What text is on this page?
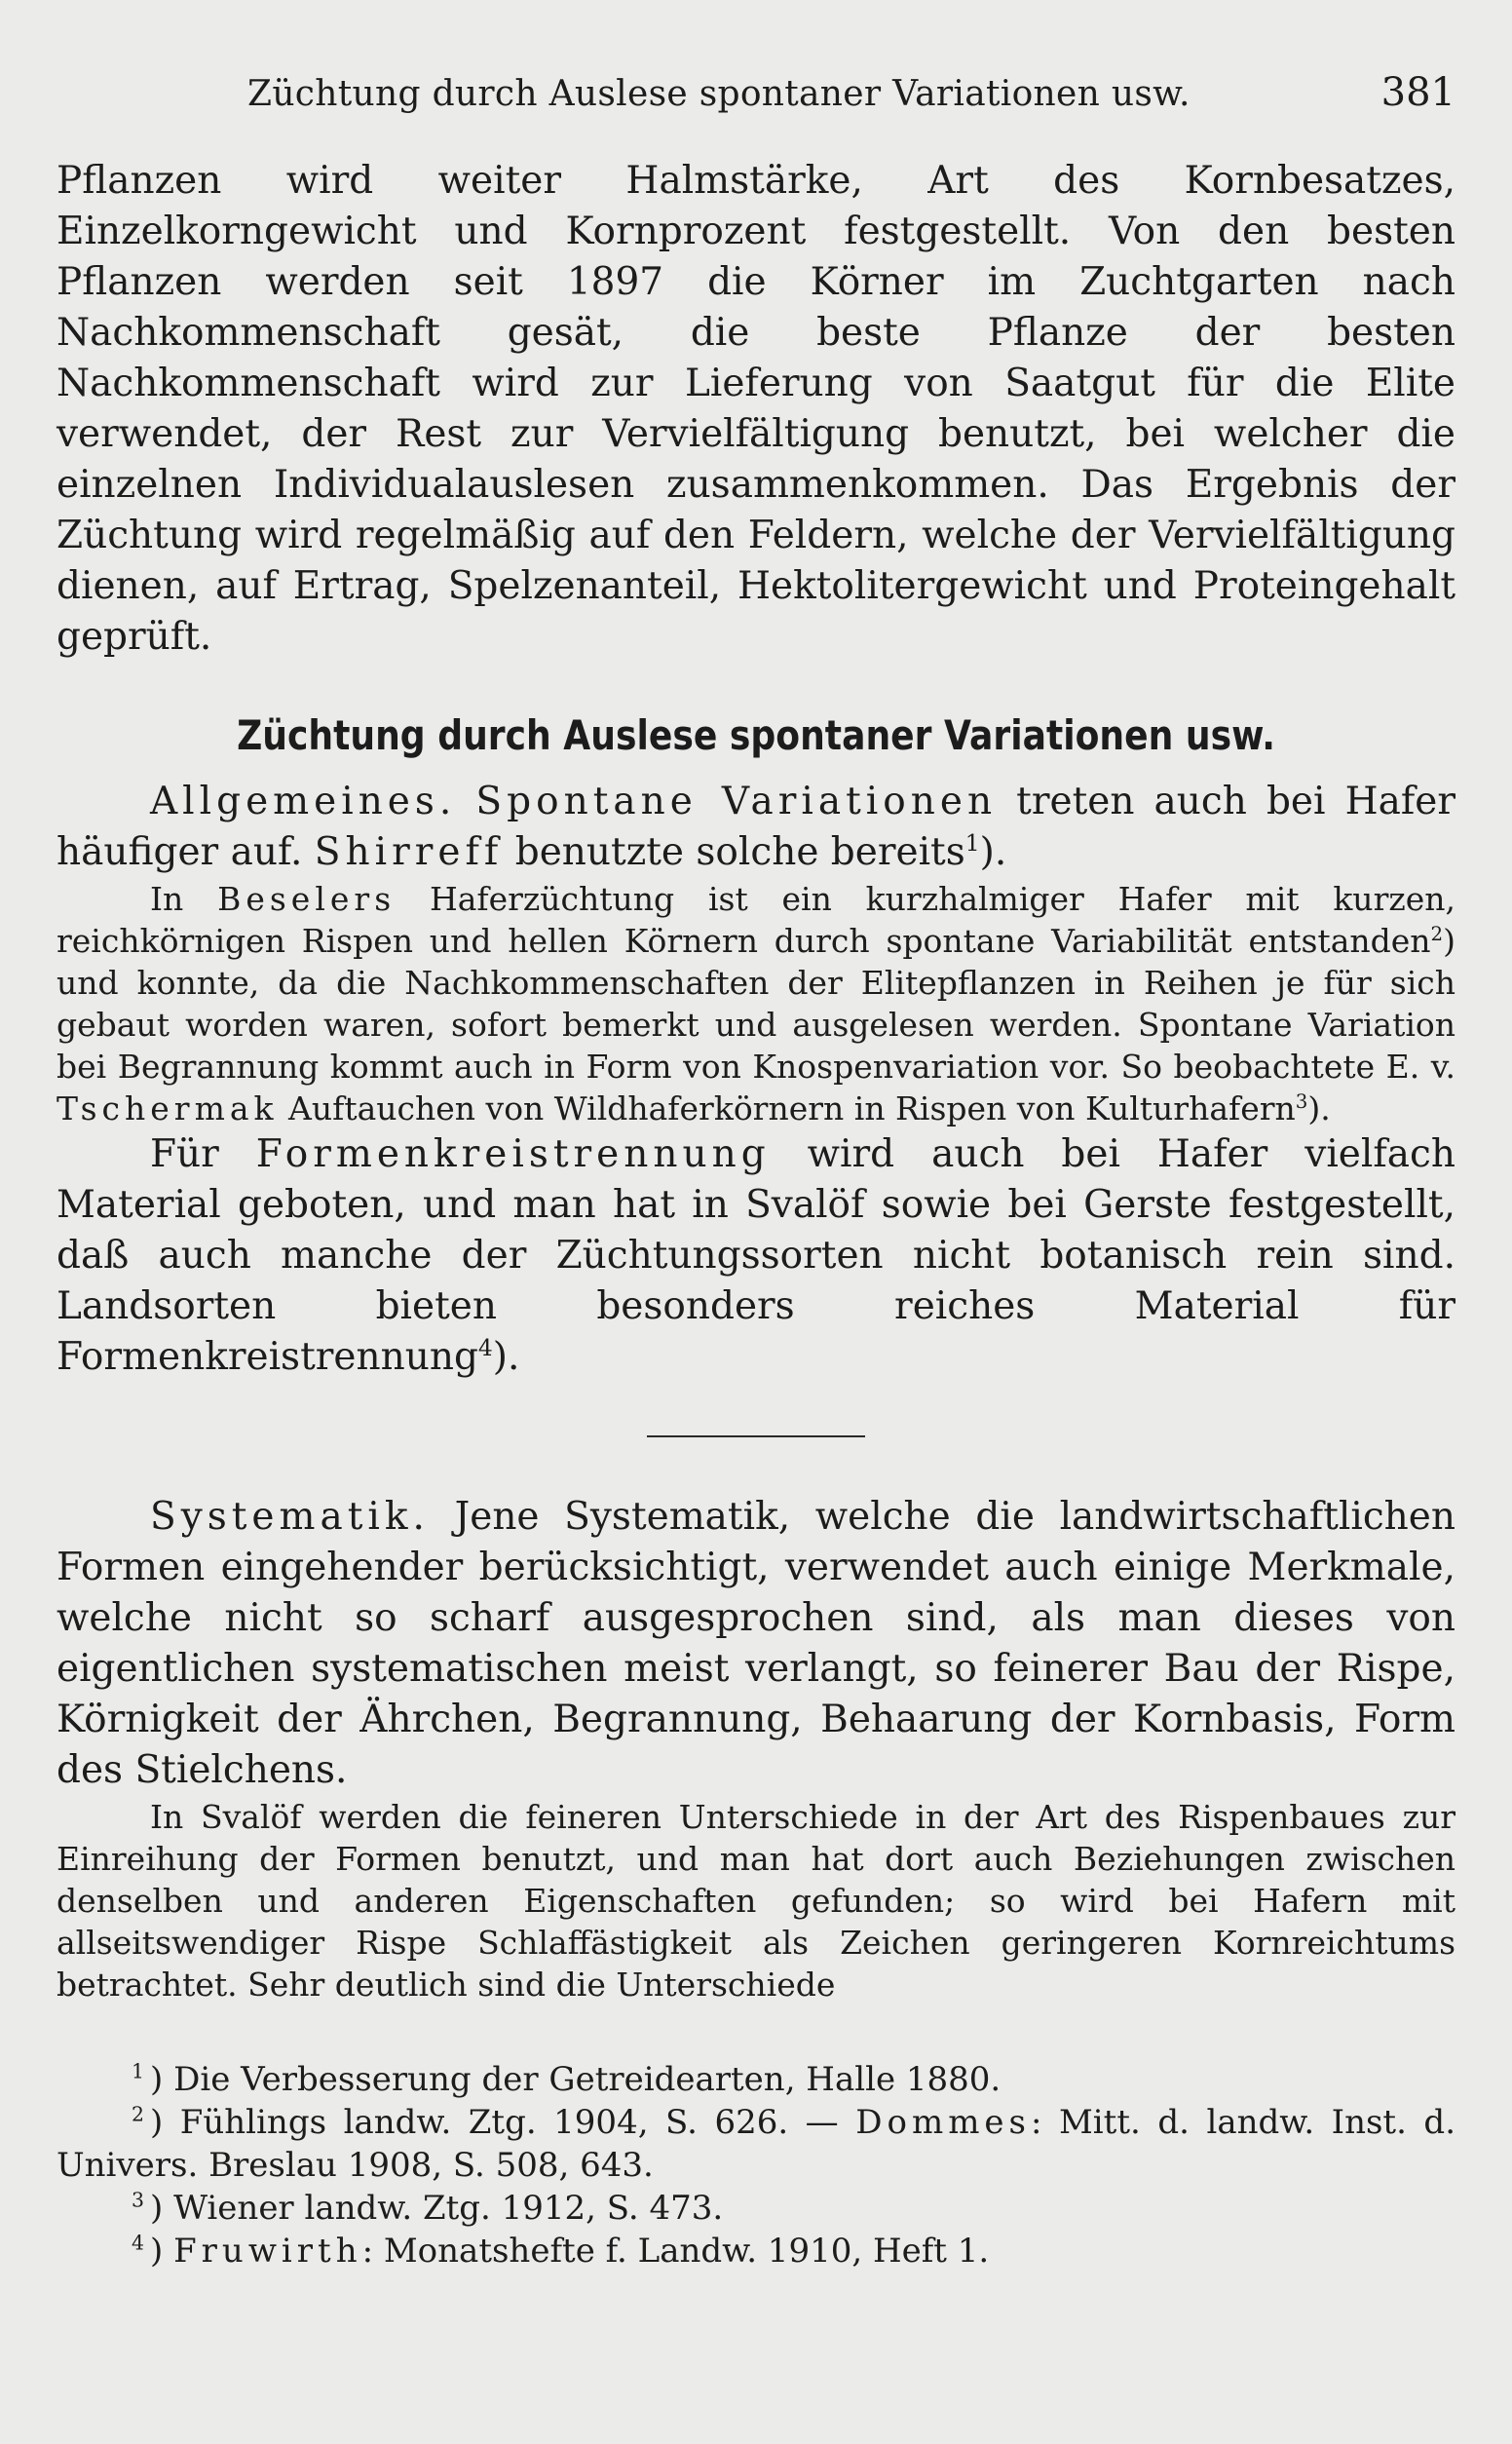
Züchtung durch Auslese spontaner Variationen usw.	381

Pflanzen wird weiter Halmstärke, Art des Kornbesatzes, Einzelkorngewicht und Kornprozent festgestellt. Von den besten Pflanzen werden seit 1897 die Körner im Zuchtgarten nach Nachkommenschaft gesät, die beste Pflanze der besten Nachkommenschaft wird zur Lieferung von Saatgut für die Elite verwendet, der Rest zur Vervielfältigung benutzt, bei welcher die einzelnen Individualauslesen zusammenkommen. Das Ergebnis der Züchtung wird regelmäßig auf den Feldern, welche der Vervielfältigung dienen, auf Ertrag, Spelzenanteil, Hektolitergewicht und Proteingehalt geprüft.

Züchtung durch Auslese spontaner Variationen usw.

Allgemeines. Spontane Variationen treten auch bei Hafer häufiger auf. Shirreff benutzte solche bereits$^1$).

In Beselers Haferzüchtung ist ein kurzhalmiger Hafer mit kurzen, reichkörnigen Rispen und hellen Körnern durch spontane Variabilität entstanden$^2$) und konnte, da die Nachkommenschaften der Elitepflanzen in Reihen je für sich gebaut worden waren, sofort bemerkt und ausgelesen werden. Spontane Variation bei Begrannung kommt auch in Form von Knospenvariation vor. So beobachtete E. v. Tschermak Auftauchen von Wildhaferkörnern in Rispen von Kulturhafern$^3$).

Für Formenkreistrennung wird auch bei Hafer vielfach Material geboten, und man hat in Svalöf sowie bei Gerste festgestellt, daß auch manche der Züchtungssorten nicht botanisch rein sind. Landsorten bieten besonders reiches Material für Formenkreistrennung$^4$).

Systematik. Jene Systematik, welche die landwirtschaftlichen Formen eingehender berücksichtigt, verwendet auch einige Merkmale, welche nicht so scharf ausgesprochen sind, als man dieses von eigentlichen systematischen meist verlangt, so feinerer Bau der Rispe, Körnigkeit der Ährchen, Begrannung, Behaarung der Kornbasis, Form des Stielchens.

In Svalöf werden die feineren Unterschiede in der Art des Rispenbaues zur Einreihung der Formen benutzt, und man hat dort auch Beziehungen zwischen denselben und anderen Eigenschaften gefunden; so wird bei Hafern mit allseitswendiger Rispe Schlaffästigkeit als Zeichen geringeren Kornreichtums betrachtet. Sehr deutlich sind die Unterschiede

$^1$ ) Die Verbesserung der Getreidearten, Halle 1880.
$^2$ ) Fühlings landw. Ztg. 1904, S. 626. — Dommes: Mitt. d. landw. Inst. d. Univers. Breslau 1908, S. 508, 643.
$^3$ ) Wiener landw. Ztg. 1912, S. 473.
$^4$ ) Fruwirth: Monatshefte f. Landw. 1910, Heft 1.
